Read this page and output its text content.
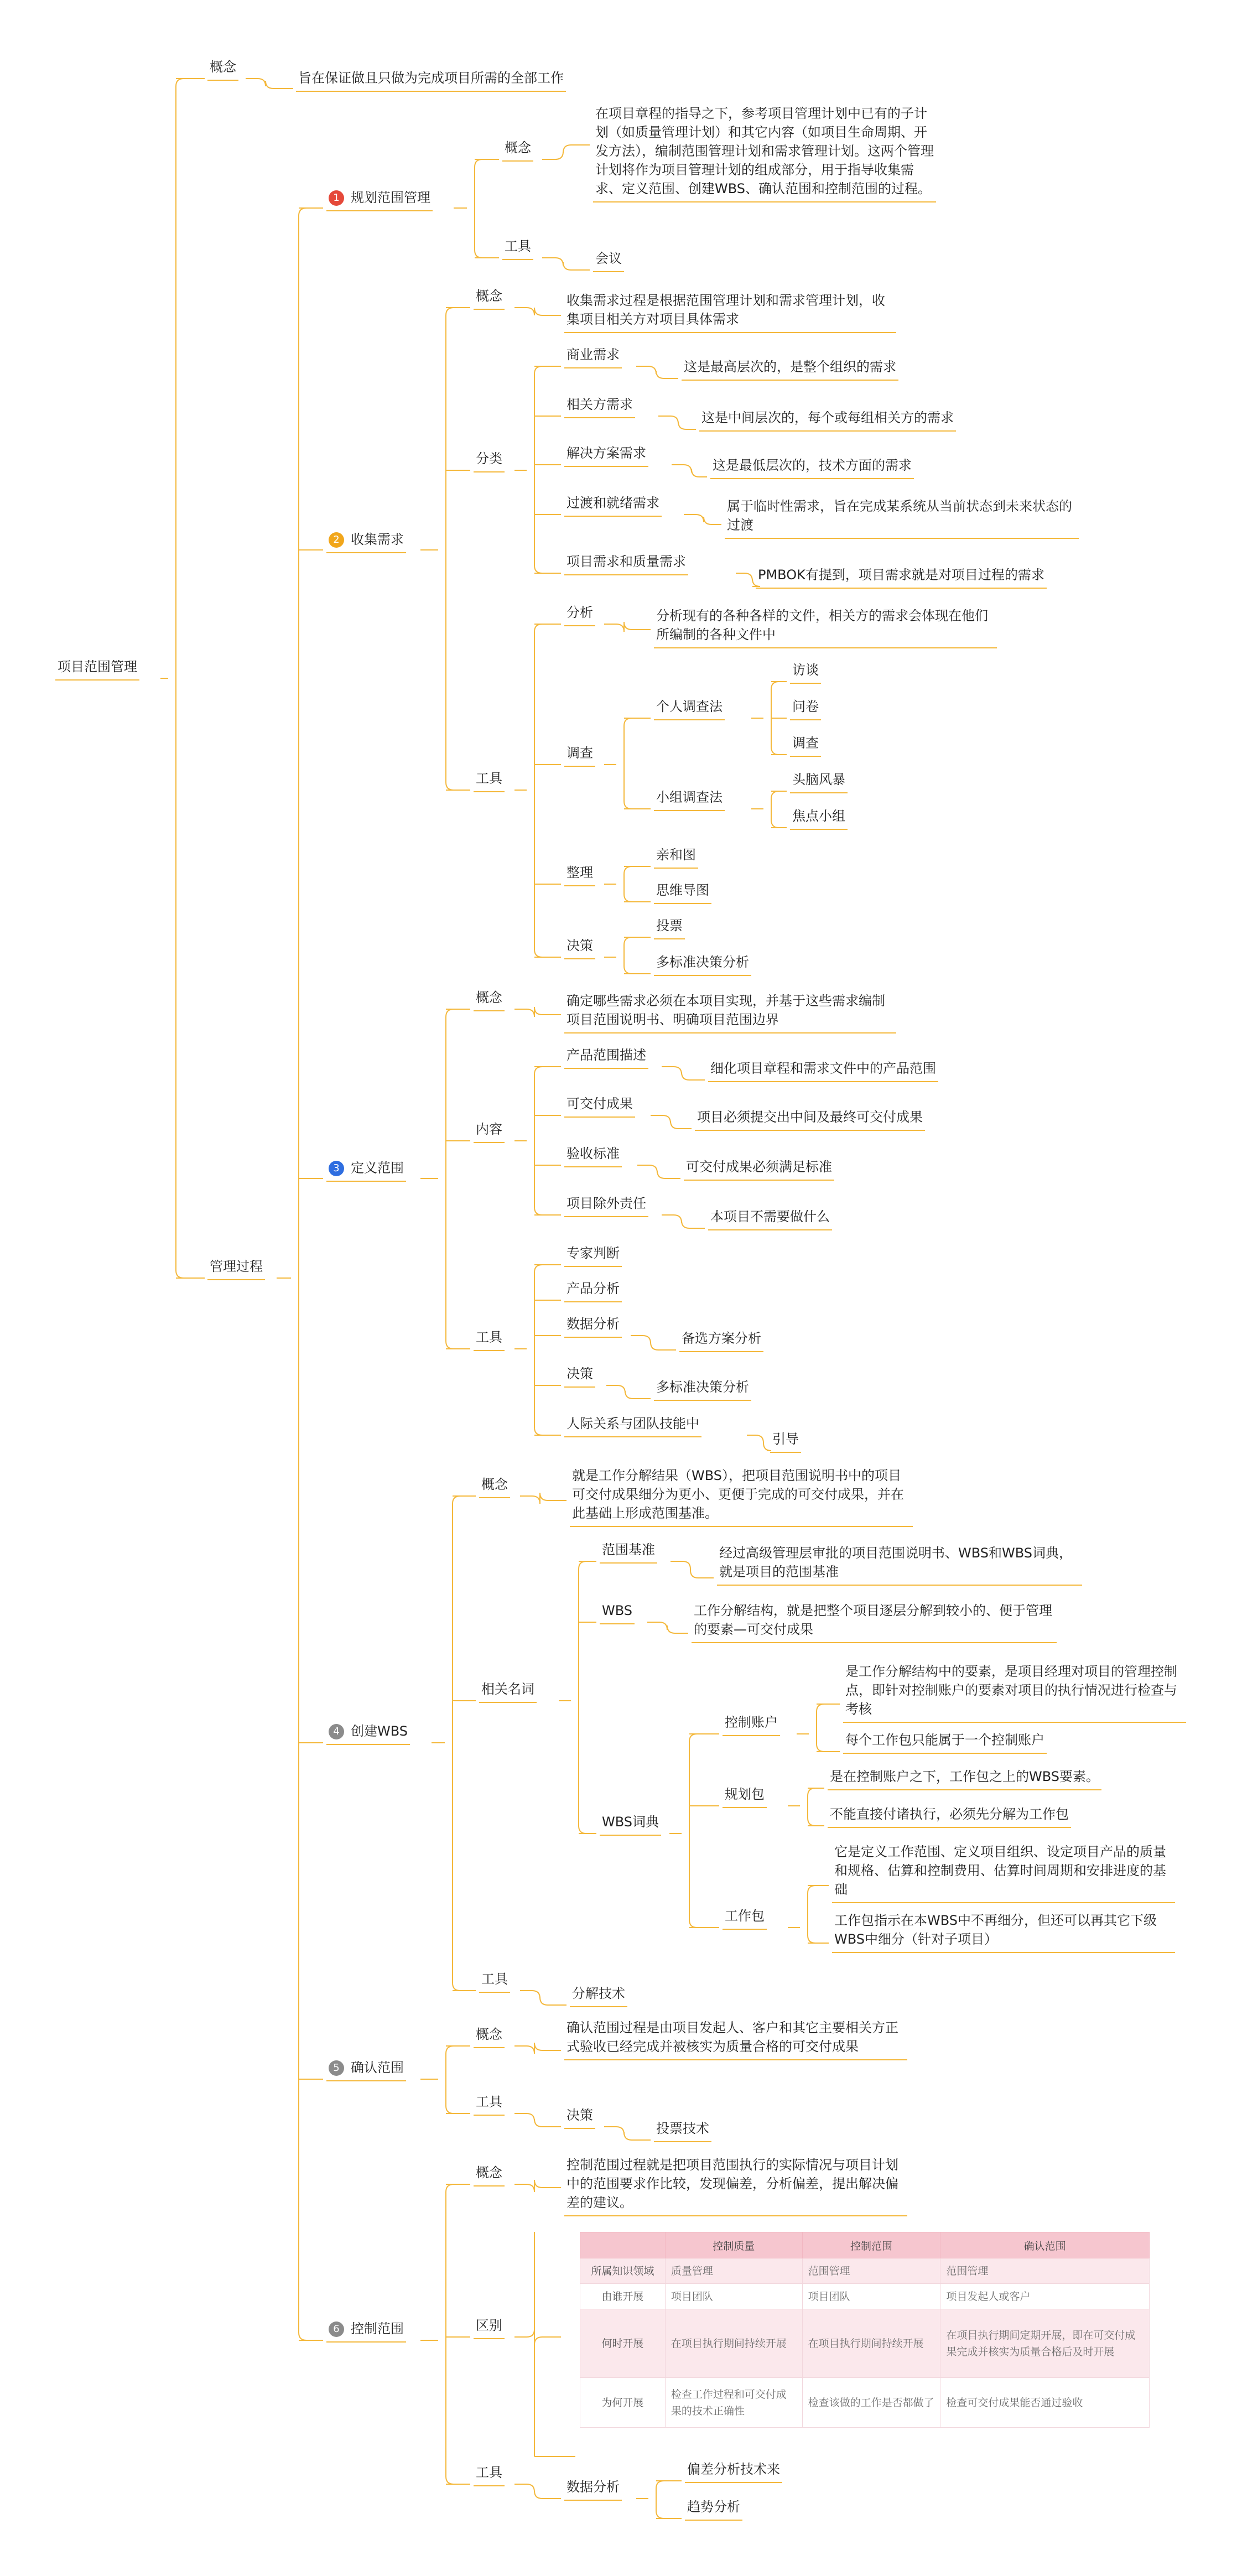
项目范围管理
概念
旨在保证做且只做为完成项目所需的全部工作
管理过程
1 规划范围管理
概念
在项目章程的指导之下，参考项目管理计划中已有的子计划（如质量管理计划）和其它内容（如项目生命周期、开发方法），编制范围管理计划和需求管理计划。这两个管理计划将作为项目管理计划的组成部分，用于指导收集需求、定义范围、创建WBS、确认范围和控制范围的过程。
工具
会议
2 收集需求
概念	收集需求过程是根据范围管理计划和需求管理计划，收集项目相关方对项目具体需求
分类
商业需求
这是最高层次的，是整个组织的需求
相关方需求
这是中间层次的，每个或每组相关方的需求
解决方案需求
这是最低层次的，技术方面的需求
过渡和就绪需求	属于临时性需求，旨在完成某系统从当前状态到未来状态的过渡
项目需求和质量需求
PMBOK有提到，项目需求就是对项目过程的需求
工具
分析	分析现有的各种各样的文件，相关方的需求会体现在他们所编制的各种文件中
调查
个人调查法
访谈
问卷
调查
小组调查法
头脑风暴
焦点小组
整理
亲和图
思维导图
决策
投票
多标准决策分析
3 定义范围
概念	确定哪些需求必须在本项目实现，并基于这些需求编制项目范围说明书、明确项目范围边界
内容
产品范围描述
细化项目章程和需求文件中的产品范围
可交付成果
项目必须提交出中间及最终可交付成果
验收标准
可交付成果必须满足标准
项目除外责任
本项目不需要做什么
工具
专家判断
产品分析
数据分析
备选方案分析
决策
多标准决策分析
人际关系与团队技能中
引导
4 创建WBS
概念
就是工作分解结果（WBS），把项目范围说明书中的项目可交付成果细分为更小、更便于完成的可交付成果，并在此基础上形成范围基准。
相关名词
范围基准	经过高级管理层审批的项目范围说明书、WBS和WBS词典，就是项目的范围基准
WBS	工作分解结构，就是把整个项目逐层分解到较小的、便于管理的要素—可交付成果
WBS词典
控制账户
是工作分解结构中的要素，是项目经理对项目的管理控制点，即针对控制账户的要素对项目的执行情况进行检查与考核
每个工作包只能属于一个控制账户
规划包
是在控制账户之下，工作包之上的WBS要素。
不能直接付诸执行，必须先分解为工作包
工作包
它是定义工作范围、定义项目组织、设定项目产品的质量和规格、估算和控制费用、估算时间周期和安排进度的基础
工作包指示在本WBS中不再细分，但还可以再其它下级WBS中细分（针对子项目）
工具
分解技术
5 确认范围
概念	确认范围过程是由项目发起人、客户和其它主要相关方正式验收已经完成并被核实为质量合格的可交付成果
工具
决策
投票技术
6 控制范围
概念	控制范围过程就是把项目范围执行的实际情况与项目计划中的范围要求作比较，发现偏差，分析偏差，提出解决偏差的建议。
区别
	控制质量	控制范围	确认范围
所属知识领域	质量管理	范围管理	范围管理
由谁开展	项目团队	项目团队	项目发起人或客户
何时开展	在项目执行期间持续开展	在项目执行期间持续开展	在项目执行期间定期开展，即在可交付成果完成并核实为质量合格后及时开展
为何开展	检查工作过程和可交付成果的技术正确性	检查该做的工作是否都做了	检查可交付成果能否通过验收
工具
数据分析
偏差分析技术来
趋势分析
